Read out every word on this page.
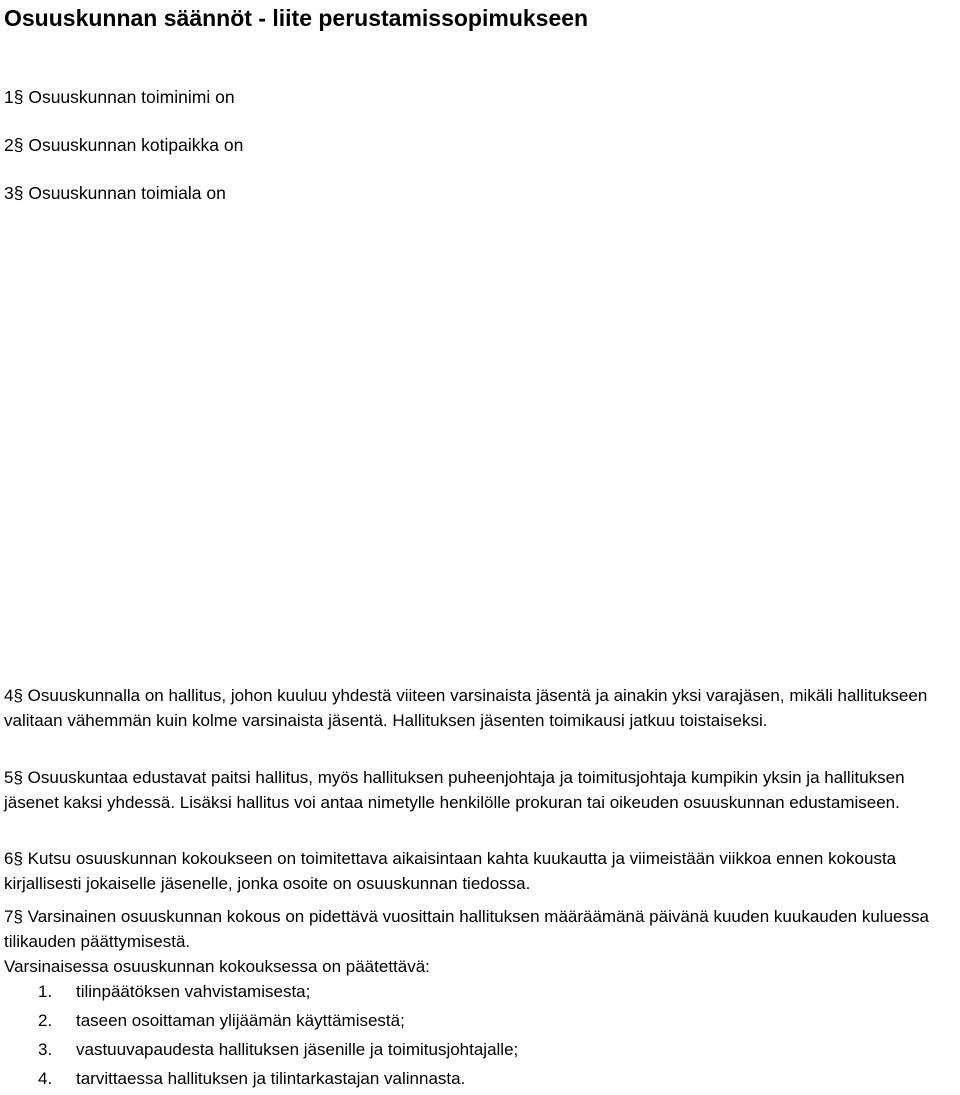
Osuuskunnan säännöt - liite perustamissopimukseen

1§ Osuuskunnan toiminimi on

2§ Osuuskunnan kotipaikka on

3§ Osuuskunnan toimiala on

4§ Osuuskunnalla on hallitus, johon kuuluu yhdestä viiteen varsinaista jäsentä ja ainakin yksi varajäsen, mikäli hallitukseen valitaan vähemmän kuin kolme varsinaista jäsentä. Hallituksen jäsenten toimikausi jatkuu toistaiseksi.

5§ Osuuskuntaa edustavat paitsi hallitus, myös hallituksen puheenjohtaja ja toimitusjohtaja kumpikin yksin ja hallituksen jäsenet kaksi yhdessä. Lisäksi hallitus voi antaa nimetylle henkilölle prokuran tai oikeuden osuuskunnan edustamiseen.

6§ Kutsu osuuskunnan kokoukseen on toimitettava aikaisintaan kahta kuukautta ja viimeistään viikkoa ennen kokousta kirjallisesti jokaiselle jäsenelle, jonka osoite on osuuskunnan tiedossa.

7§ Varsinainen osuuskunnan kokous on pidettävä vuosittain hallituksen määräämänä päivänä kuuden kuukauden kuluessa tilikauden päättymisestä.

Varsinaisessa osuuskunnan kokouksessa on päätettävä:

1. tilinpäätöksen vahvistamisesta;
2. taseen osoittaman ylijäämän käyttämisestä;
3. vastuuvapaudesta hallituksen jäsenille ja toimitusjohtajalle;
4. tarvittaessa hallituksen ja tilintarkastajan valinnasta.
